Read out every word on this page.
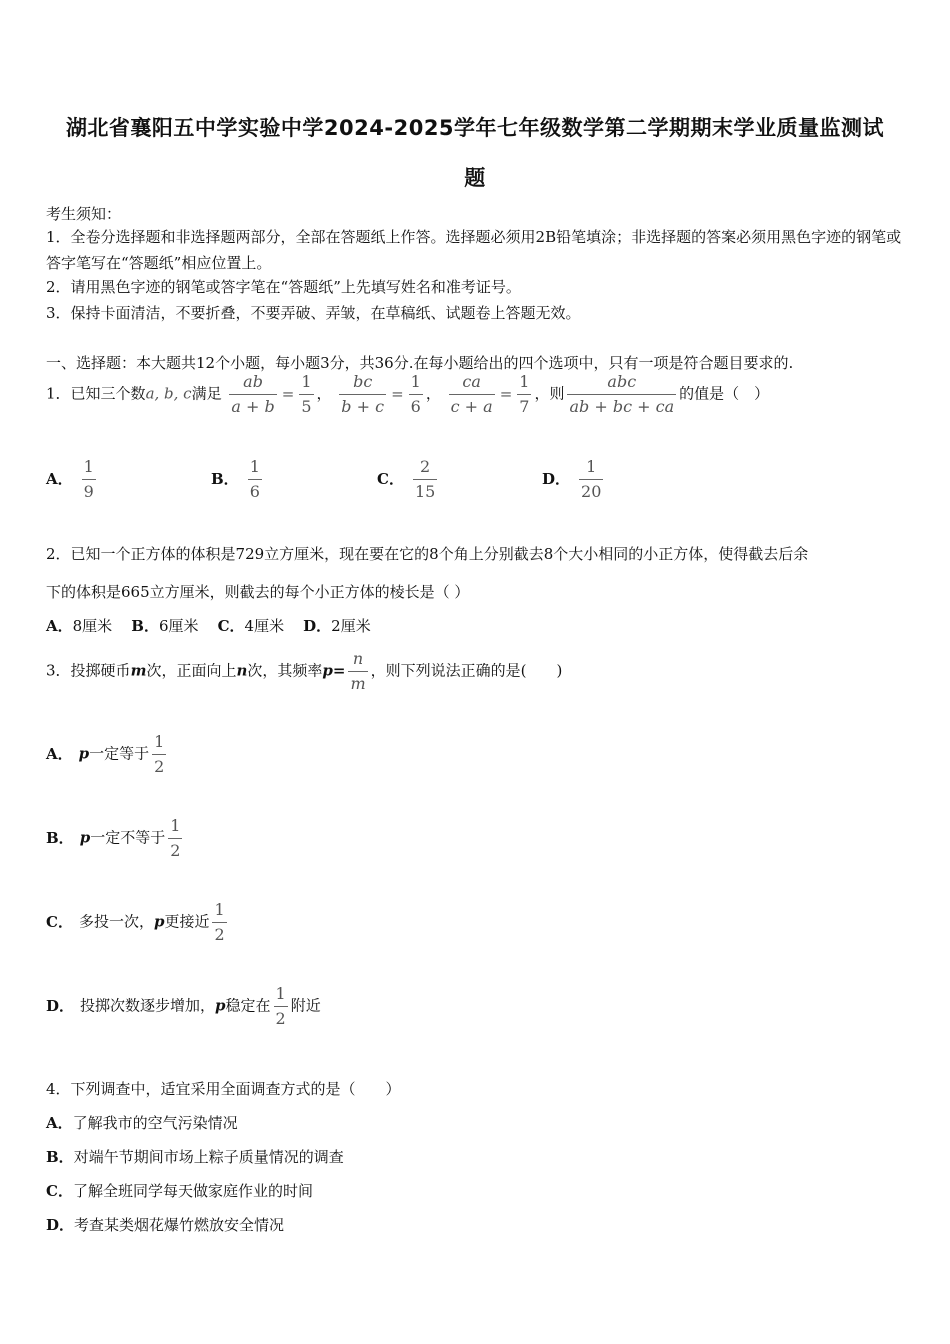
湖北省襄阳五中学实验中学2024-2025学年七年级数学第二学期期末学业质量监测试
题
考生须知：
1．全卷分选择题和非选择题两部分，全部在答题纸上作答。选择题必须用2B铅笔填涂；非选择题的答案必须用黑色字迹的钢笔或答字笔写在“答题纸”相应位置上。
2．请用黑色字迹的钢笔或答字笔在“答题纸”上先填写姓名和准考证号。
3．保持卡面清洁，不要折叠，不要弄破、弄皱，在草稿纸、试题卷上答题无效。
一、选择题：本大题共12个小题，每小题3分，共36分.在每小题给出的四个选项中，只有一项是符合题目要求的.
1．已知三个数a, b, c满足 $\frac{ab}{a + b} = \frac{1}{5}$ ， $\frac{bc}{b + c} = \frac{1}{6}$ ， $\frac{ca}{c + a} = \frac{1}{7}$ ，则 $\frac{\text{abc}}{ab + bc + ca}$ 的值是（　）
A． $\frac{1}{9}$	B． $\frac{1}{6}$	C． $\frac{2}{15}$	D． $\frac{1}{20}$
2．已知一个正方体的体积是729立方厘米，现在要在它的8个角上分别截去8个大小相同的小正方体，使得截去后余
下的体积是665立方厘米，则截去的每个小正方体的棱长是（ ）
A．8厘米 B．6厘米 C．4厘米 D．2厘米
3．投掷硬币m次，正面向上n次，其频率$p= \frac{n}{m}$ ，则下列说法正确的是(　　)
A． p一定等于 $\frac{1}{2}$
B． p一定不等于 $\frac{1}{2}$
C． 多投一次，p更接近 $\frac{1}{2}$
D． 投掷次数逐步增加，p稳定在 $\frac{1}{2}$ 附近
4．下列调查中，适宜采用全面调查方式的是（　　）
A．了解我市的空气污染情况
B．对端午节期间市场上粽子质量情况的调查
C．了解全班同学每天做家庭作业的时间
D．考查某类烟花爆竹燃放安全情况
